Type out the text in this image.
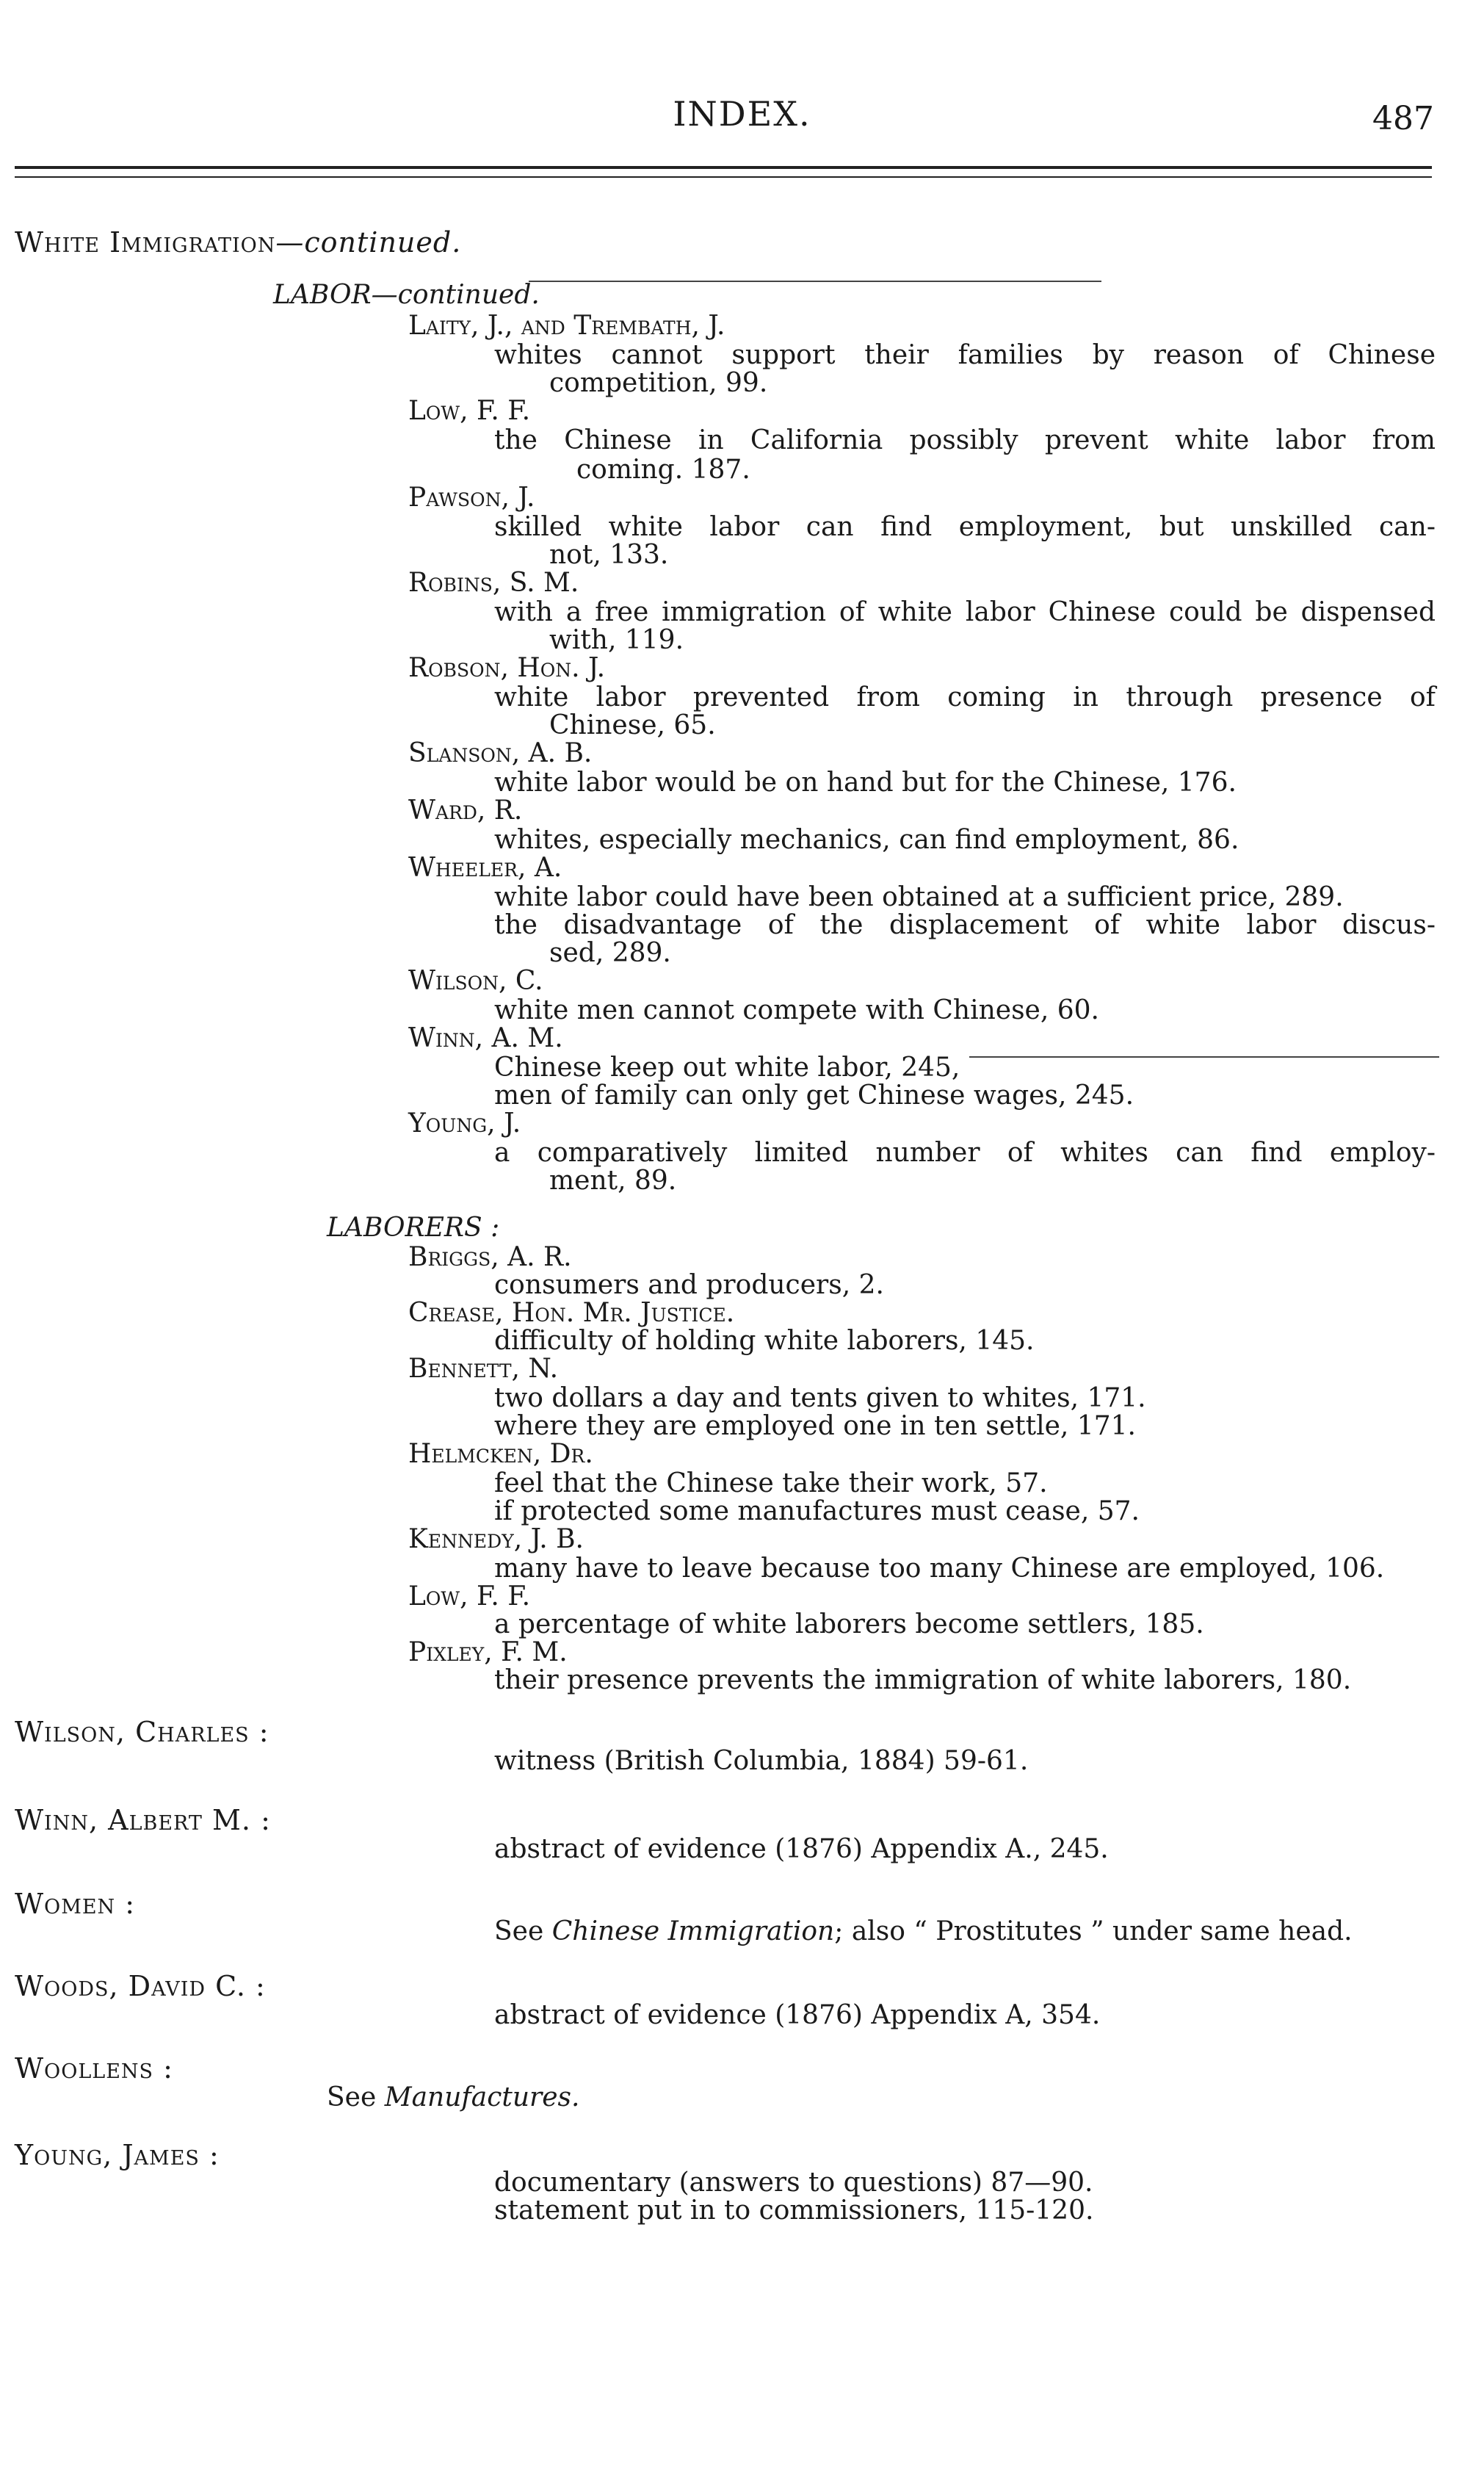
INDEX.	487
White Immigration—continued.
LABOR—continued.
Laity, J., and Trembath, J.
whites cannot support their families by reason of Chinese
competition, 99.
Low, F. F.
the Chinese in California possibly prevent white labor from
coming. 187.
Pawson, J.
skilled white labor can find employment, but unskilled can-
not, 133.
Robins, S. M.
with a free immigration of white labor Chinese could be dispensed
with, 119.
Robson, Hon. J.
white labor prevented from coming in through presence of
Chinese, 65.
Slanson, A. B.
white labor would be on hand but for the Chinese, 176.
Ward, R.
whites, especially mechanics, can find employment, 86.
Wheeler, A.
white labor could have been obtained at a sufficient price, 289.
the disadvantage of the displacement of white labor discus-
sed, 289.
Wilson, C.
white men cannot compete with Chinese, 60.
Winn, A. M.
Chinese keep out white labor, 245,
men of family can only get Chinese wages, 245.
Young, J.
a comparatively limited number of whites can find employ-
ment, 89.
LABORERS :
Briggs, A. R.
consumers and producers, 2.
Crease, Hon. Mr. Justice.
difficulty of holding white laborers, 145.
Bennett, N.
two dollars a day and tents given to whites, 171.
where they are employed one in ten settle, 171.
Helmcken, Dr.
feel that the Chinese take their work, 57.
if protected some manufactures must cease, 57.
Kennedy, J. B.
many have to leave because too many Chinese are employed, 106.
Low, F. F.
a percentage of white laborers become settlers, 185.
Pixley, F. M.
their presence prevents the immigration of white laborers, 180.
Wilson, Charles :
witness (British Columbia, 1884) 59-61.
Winn, Albert M. :
abstract of evidence (1876) Appendix A., 245.
Women :
See Chinese Immigration; also “ Prostitutes ” under same head.
Woods, David C. :
abstract of evidence (1876) Appendix A, 354.
Woollens :
See Manufactures.
Young, James :
documentary (answers to questions) 87—90.
statement put in to commissioners, 115-120.
